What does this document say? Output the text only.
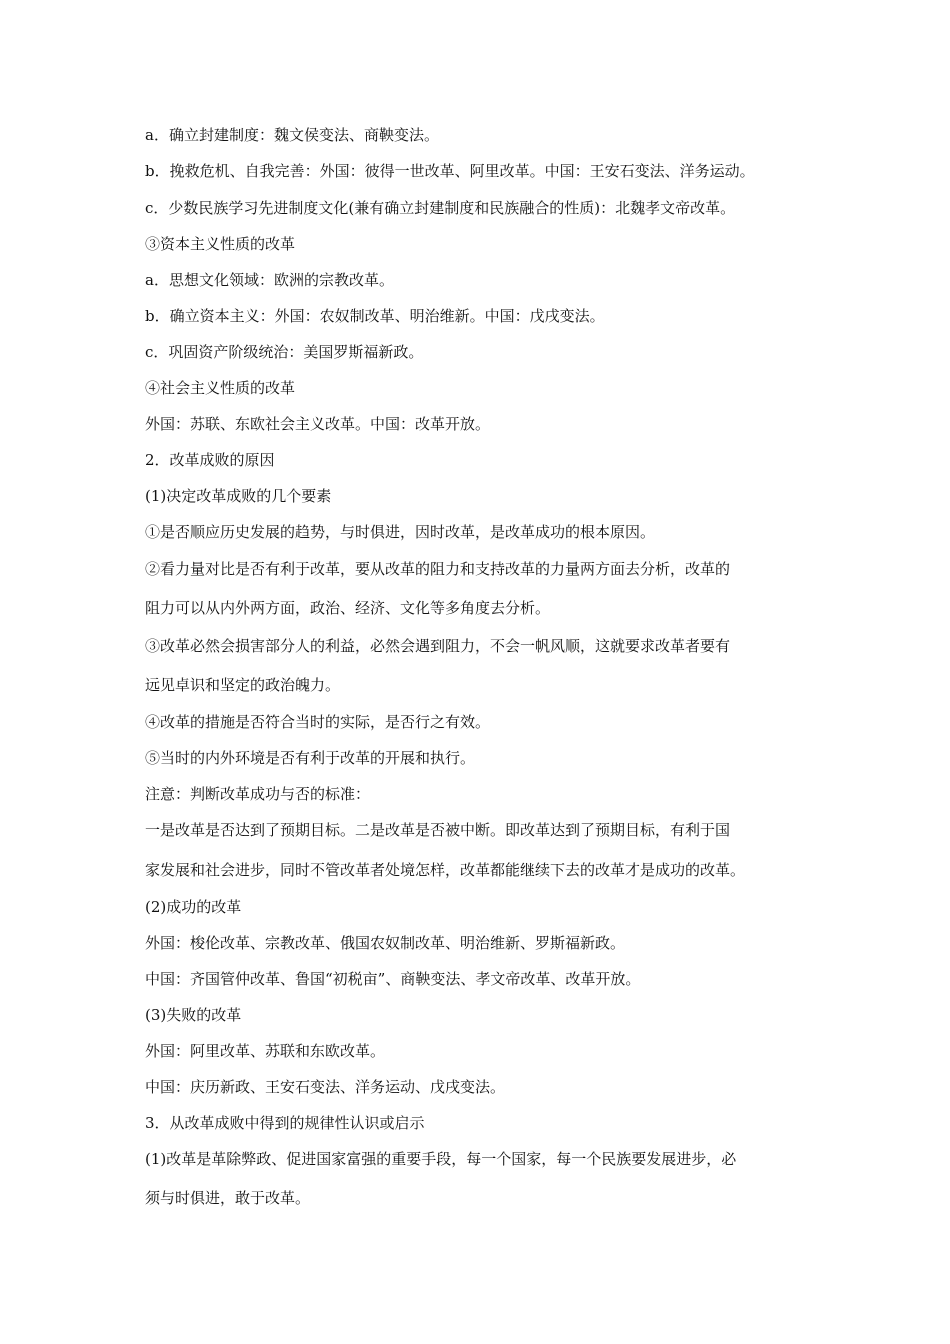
a．确立封建制度：魏文侯变法、商鞅变法。
b．挽救危机、自我完善：外国：彼得一世改革、阿里改革。中国：王安石变法、洋务运动。
c．少数民族学习先进制度文化(兼有确立封建制度和民族融合的性质)：北魏孝文帝改革。
③资本主义性质的改革
a．思想文化领域：欧洲的宗教改革。
b．确立资本主义：外国：农奴制改革、明治维新。中国：戊戌变法。
c．巩固资产阶级统治：美国罗斯福新政。
④社会主义性质的改革
外国：苏联、东欧社会主义改革。中国：改革开放。
2．改革成败的原因
(1)决定改革成败的几个要素
①是否顺应历史发展的趋势，与时俱进，因时改革，是改革成功的根本原因。
②看力量对比是否有利于改革，要从改革的阻力和支持改革的力量两方面去分析，改革的
阻力可以从内外两方面，政治、经济、文化等多角度去分析。
③改革必然会损害部分人的利益，必然会遇到阻力，不会一帆风顺，这就要求改革者要有
远见卓识和坚定的政治魄力。
④改革的措施是否符合当时的实际，是否行之有效。
⑤当时的内外环境是否有利于改革的开展和执行。
注意：判断改革成功与否的标准：
一是改革是否达到了预期目标。二是改革是否被中断。即改革达到了预期目标，有利于国
家发展和社会进步，同时不管改革者处境怎样，改革都能继续下去的改革才是成功的改革。
(2)成功的改革
外国：梭伦改革、宗教改革、俄国农奴制改革、明治维新、罗斯福新政。
中国：齐国管仲改革、鲁国“初税亩”、商鞅变法、孝文帝改革、改革开放。
(3)失败的改革
外国：阿里改革、苏联和东欧改革。
中国：庆历新政、王安石变法、洋务运动、戊戌变法。
3．从改革成败中得到的规律性认识或启示
(1)改革是革除弊政、促进国家富强的重要手段，每一个国家，每一个民族要发展进步，必
须与时俱进，敢于改革。
